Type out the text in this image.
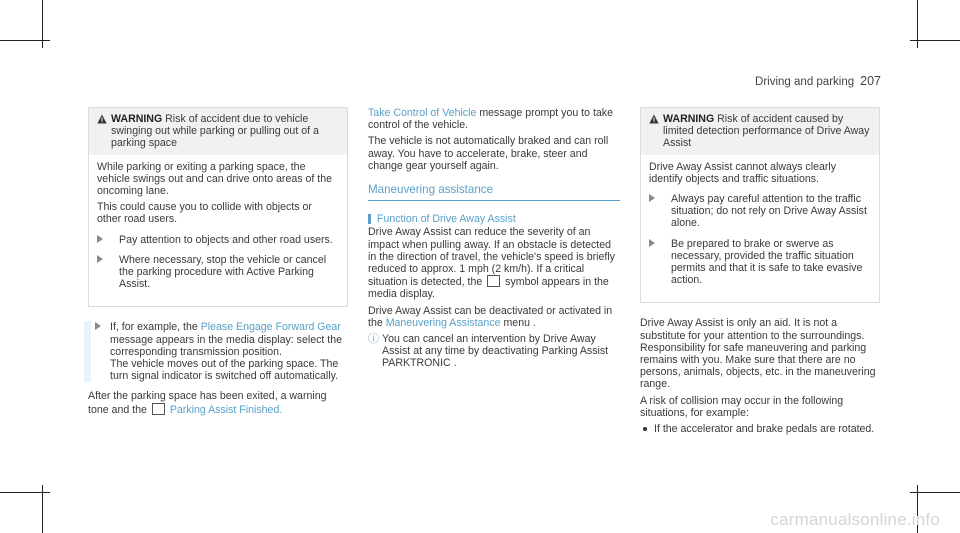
Driving and parking 207
WARNING Risk of accident due to vehicle swinging out while parking or pulling out of a parking space

While parking or exiting a parking space, the vehicle swings out and can drive onto areas of the oncoming lane.

This could cause you to collide with objects or other road users.

Pay attention to objects and other road users.
Where necessary, stop the vehicle or cancel the parking procedure with Active Parking Assist.
If, for example, the Please Engage Forward Gear message appears in the media display: select the corresponding transmission position.
The vehicle moves out of the parking space. The turn signal indicator is switched off automatically.

After the parking space has been exited, a warning tone and the Parking Assist Finished.

Take Control of Vehicle message prompt you to take control of the vehicle.

The vehicle is not automatically braked and can roll away. You have to accelerate, brake, steer and change gear yourself again.

Maneuvering assistance
Function of Drive Away Assist

Drive Away Assist can reduce the severity of an impact when pulling away. If an obstacle is detected in the direction of travel, the vehicle's speed is briefly reduced to approx. 1 mph (2 km/h). If a critical situation is detected, the symbol appears in the media display.

Drive Away Assist can be deactivated or activated in the Maneuvering Assistance menu .

ⓘ You can cancel an intervention by Drive Away Assist at any time by deactivating Parking Assist PARKTRONIC .
WARNING Risk of accident caused by limited detection performance of Drive Away Assist

Drive Away Assist cannot always clearly identify objects and traffic situations.

Always pay careful attention to the traffic situation; do not rely on Drive Away Assist alone.
Be prepared to brake or swerve as necessary, provided the traffic situation permits and that it is safe to take evasive action.

Drive Away Assist is only an aid. It is not a substitute for your attention to the surroundings. Responsibility for safe maneuvering and parking remains with you. Make sure that there are no persons, animals, objects, etc. in the maneuvering range.

A risk of collision may occur in the following situations, for example:

If the accelerator and brake pedals are rotated.
carmanualsonline.info
